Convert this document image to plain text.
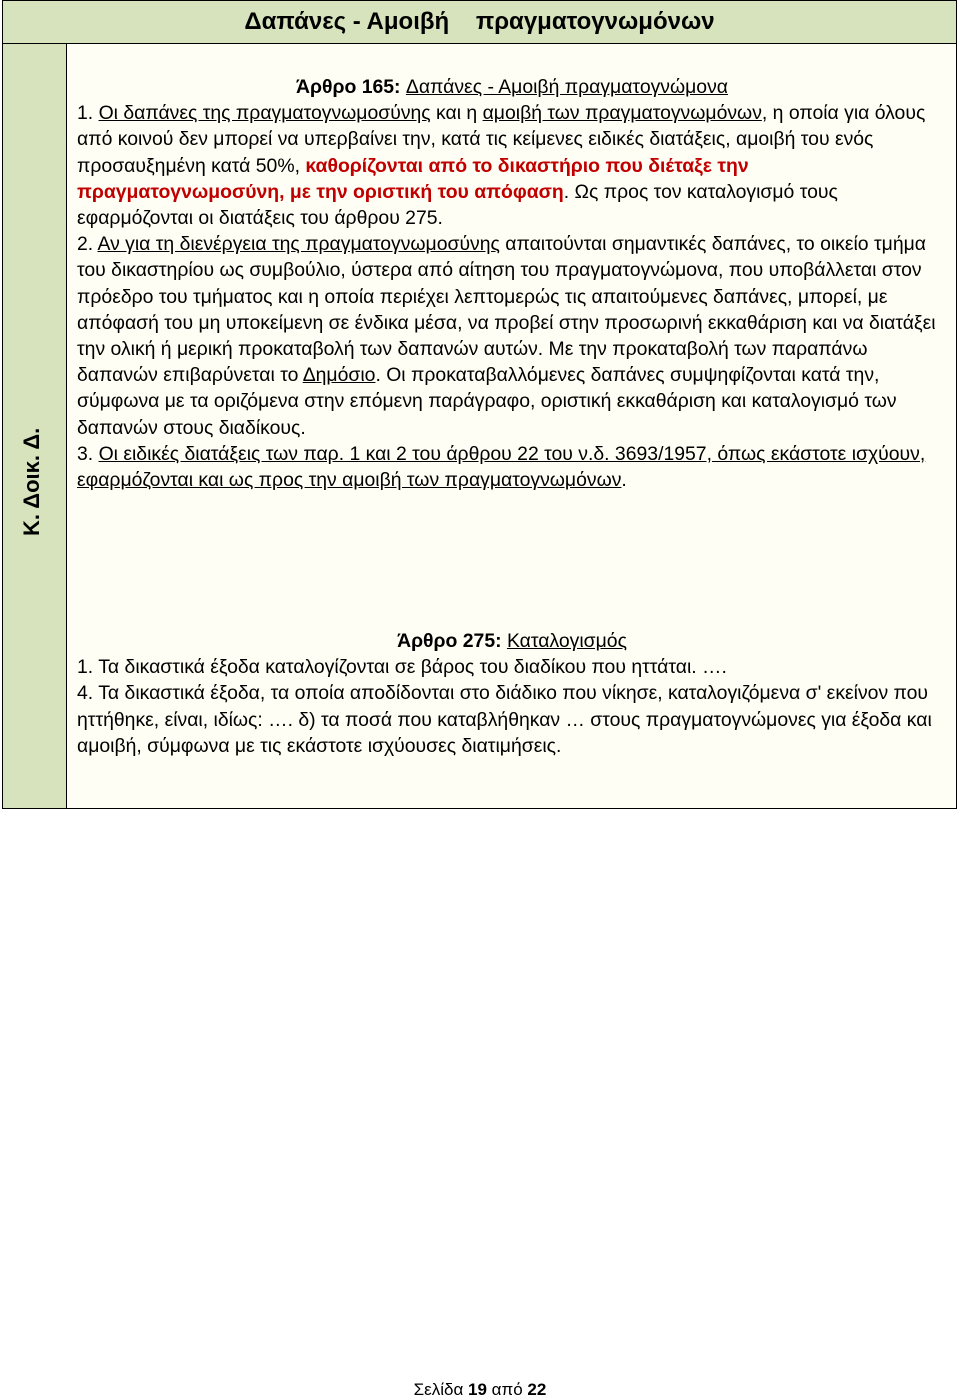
Δαπάνες - Αμοιβή    πραγματογνωμόνων
Κ. Δοικ. Δ.
Άρθρο 165: Δαπάνες - Αμοιβή πραγματογνώμονα

1. Οι δαπάνες της πραγματογνωμοσύνης και η αμοιβή των πραγματογνωμόνων, η οποία για όλους από κοινού δεν μπορεί να υπερβαίνει την, κατά τις κείμενες ειδικές διατάξεις, αμοιβή του ενός προσαυξημένη κατά 50%, καθορίζονται από το δικαστήριο που διέταξε την πραγματογνωμοσύνη, με την οριστική του απόφαση. Ως προς τον καταλογισμό τους εφαρμόζονται οι διατάξεις του άρθρου 275.

2. Αν για τη διενέργεια της πραγματογνωμοσύνης απαιτούνται σημαντικές δαπάνες, το οικείο τμήμα του δικαστηρίου ως συμβούλιο, ύστερα από αίτηση του πραγματογνώμονα, που υποβάλλεται στον πρόεδρο του τμήματος και η οποία περιέχει λεπτομερώς τις απαιτούμενες δαπάνες, μπορεί, με απόφασή του μη υποκείμενη σε ένδικα μέσα, να προβεί στην προσωρινή εκκαθάριση και να διατάξει την ολική ή μερική προκαταβολή των δαπανών αυτών. Με την προκαταβολή των παραπάνω δαπανών επιβαρύνεται το Δημόσιο. Οι προκαταβαλλόμενες δαπάνες συμψηφίζονται κατά την, σύμφωνα με τα οριζόμενα στην επόμενη παράγραφο, οριστική εκκαθάριση και καταλογισμό των δαπανών στους διαδίκους.

3. Οι ειδικές διατάξεις των παρ. 1 και 2 του άρθρου 22 του ν.δ. 3693/1957, όπως εκάστοτε ισχύουν, εφαρμόζονται και ως προς την αμοιβή των πραγματογνωμόνων.

Άρθρο 275: Καταλογισμός

1. Τα δικαστικά έξοδα καταλογίζονται σε βάρος του διαδίκου που ηττάται. ….

4. Τα δικαστικά έξοδα, τα οποία αποδίδονται στο διάδικο που νίκησε, καταλογιζόμενα σ' εκείνον που ηττήθηκε, είναι, ιδίως: …. δ) τα ποσά που καταβλήθηκαν … στους πραγματογνώμονες για έξοδα και αμοιβή, σύμφωνα με τις εκάστοτε ισχύουσες διατιμήσεις.

Σελίδα 19 από 22
